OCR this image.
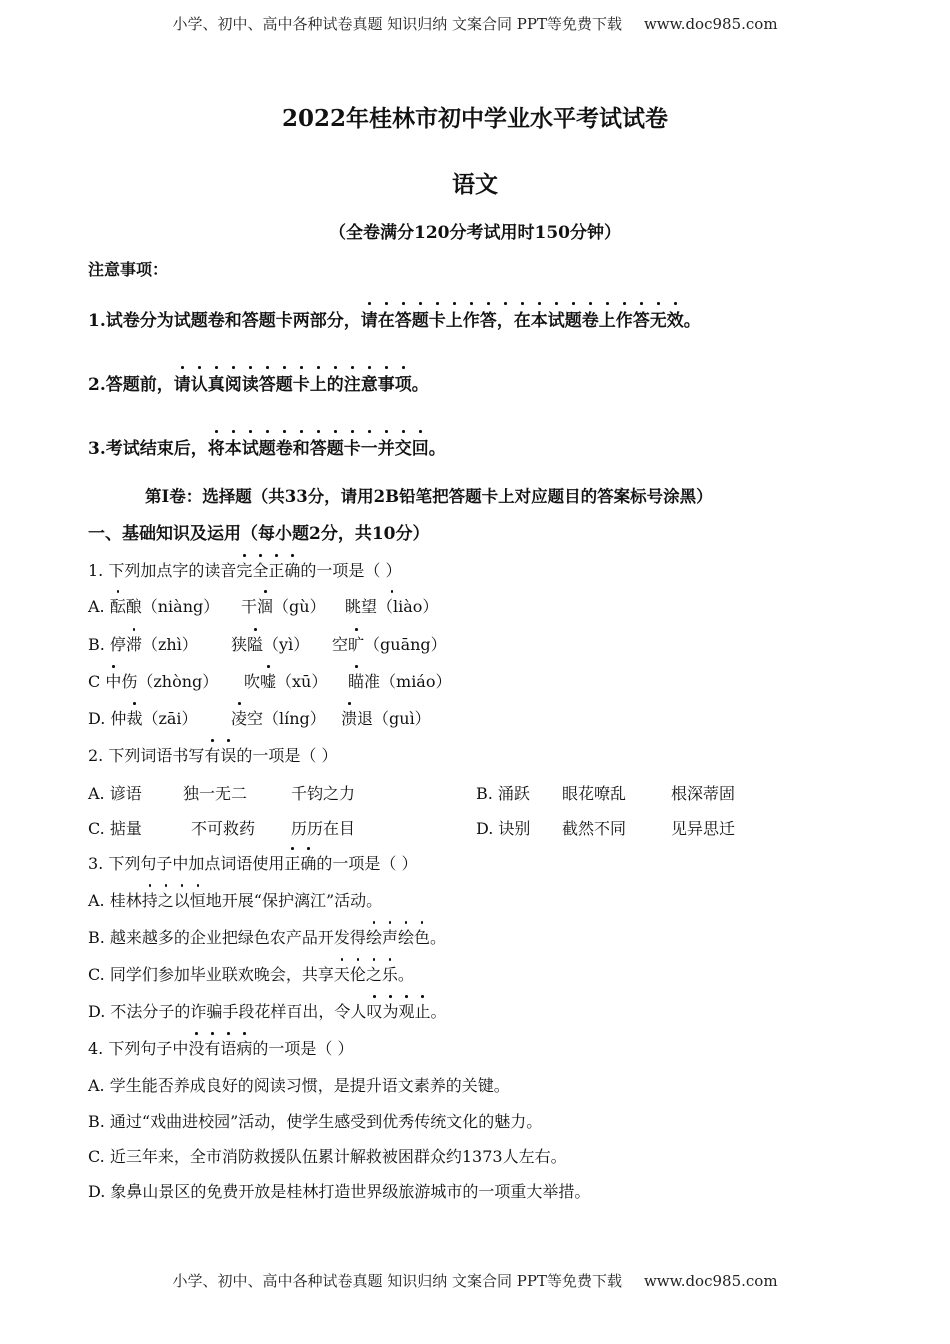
小学、初中、高中各种试卷真题 知识归纳 文案合同 PPT等免费下载 www.doc985.com
2022年桂林市初中学业水平考试试卷
语文
（全卷满分120分考试用时150分钟）
注意事项：
1.试卷分为试题卷和答题卡两部分，请在答题卡上作答，在本试题卷上作答无效。
2.答题前，请认真阅读答题卡上的注意事项。
3.考试结束后，将本试题卷和答题卡一并交回。
第Ⅰ卷：选择题（共33分，请用2B铅笔把答题卡上对应题目的答案标号涂黑）
一、基础知识及运用（每小题2分，共10分）
1. 下列加点字的读音完全正确的一项是（ ）
A. 酝酿（niàng） 干涸（gù） 眺望（liào）
B. 停滞（zhì） 狭隘（yì） 空旷（guāng）
C 中伤（zhòng） 吹嘘（xū） 瞄准（miáo）
D. 仲裁（zāi） 凌空（líng） 溃退（guì）
2. 下列词语书写有误的一项是（ ）
A. 谚语	独一无二	千钧之力	B. 涌跃 眼花嘹乱	根深蒂固
C. 掂量	不可救药 历历在目	D. 诀别 截然不同	见异思迁
3. 下列句子中加点词语使用正确的一项是（ ）
A. 桂林持之以恒地开展“保护漓江”活动。
B. 越来越多的企业把绿色农产品开发得绘声绘色。
C. 同学们参加毕业联欢晚会，共享天伦之乐。
D. 不法分子的诈骗手段花样百出，令人叹为观止。
4. 下列句子中没有语病的一项是（ ）
A. 学生能否养成良好的阅读习惯，是提升语文素养的关键。
B. 通过“戏曲进校园”活动，使学生感受到优秀传统文化的魅力。
C. 近三年来，全市消防救援队伍累计解救被困群众约1373人左右。
D. 象鼻山景区的免费开放是桂林打造世界级旅游城市的一项重大举措。
小学、初中、高中各种试卷真题 知识归纳 文案合同 PPT等免费下载 www.doc985.com
